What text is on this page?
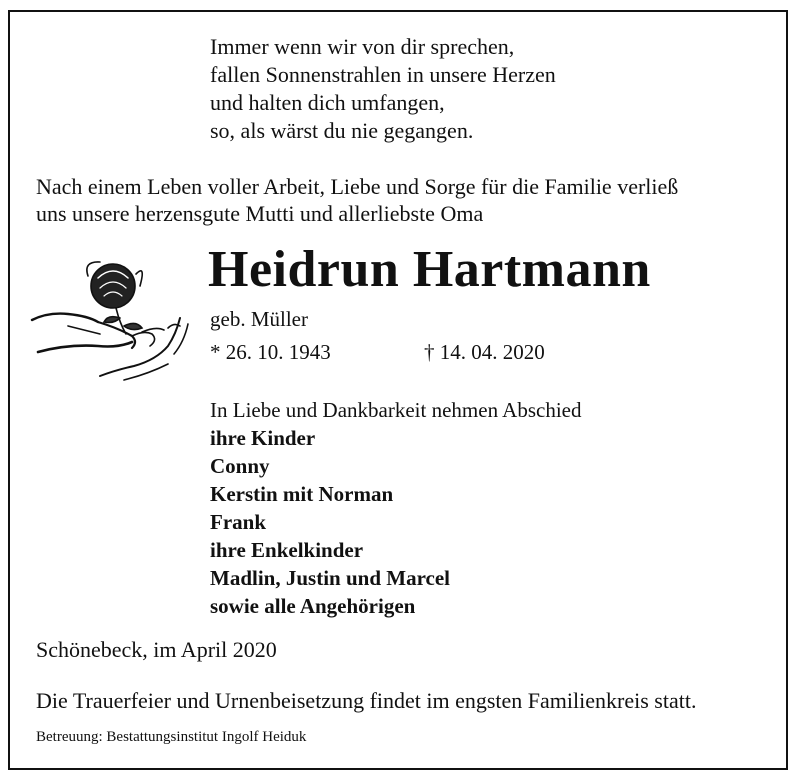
Immer wenn wir von dir sprechen,
fallen Sonnenstrahlen in unsere Herzen
und halten dich umfangen,
so, als wärst du nie gegangen.
Nach einem Leben voller Arbeit, Liebe und Sorge für die Familie verließ
uns unsere herzensgute Mutti und allerliebste Oma
Heidrun Hartmann
geb. Müller
* 26. 10. 1943	† 14. 04. 2020
In Liebe und Dankbarkeit nehmen Abschied
ihre Kinder
Conny
Kerstin mit Norman
Frank
ihre Enkelkinder
Madlin, Justin und Marcel
sowie alle Angehörigen
Schönebeck, im April 2020
Die Trauerfeier und Urnenbeisetzung findet im engsten Familienkreis statt.
Betreuung: Bestattungsinstitut Ingolf Heiduk
